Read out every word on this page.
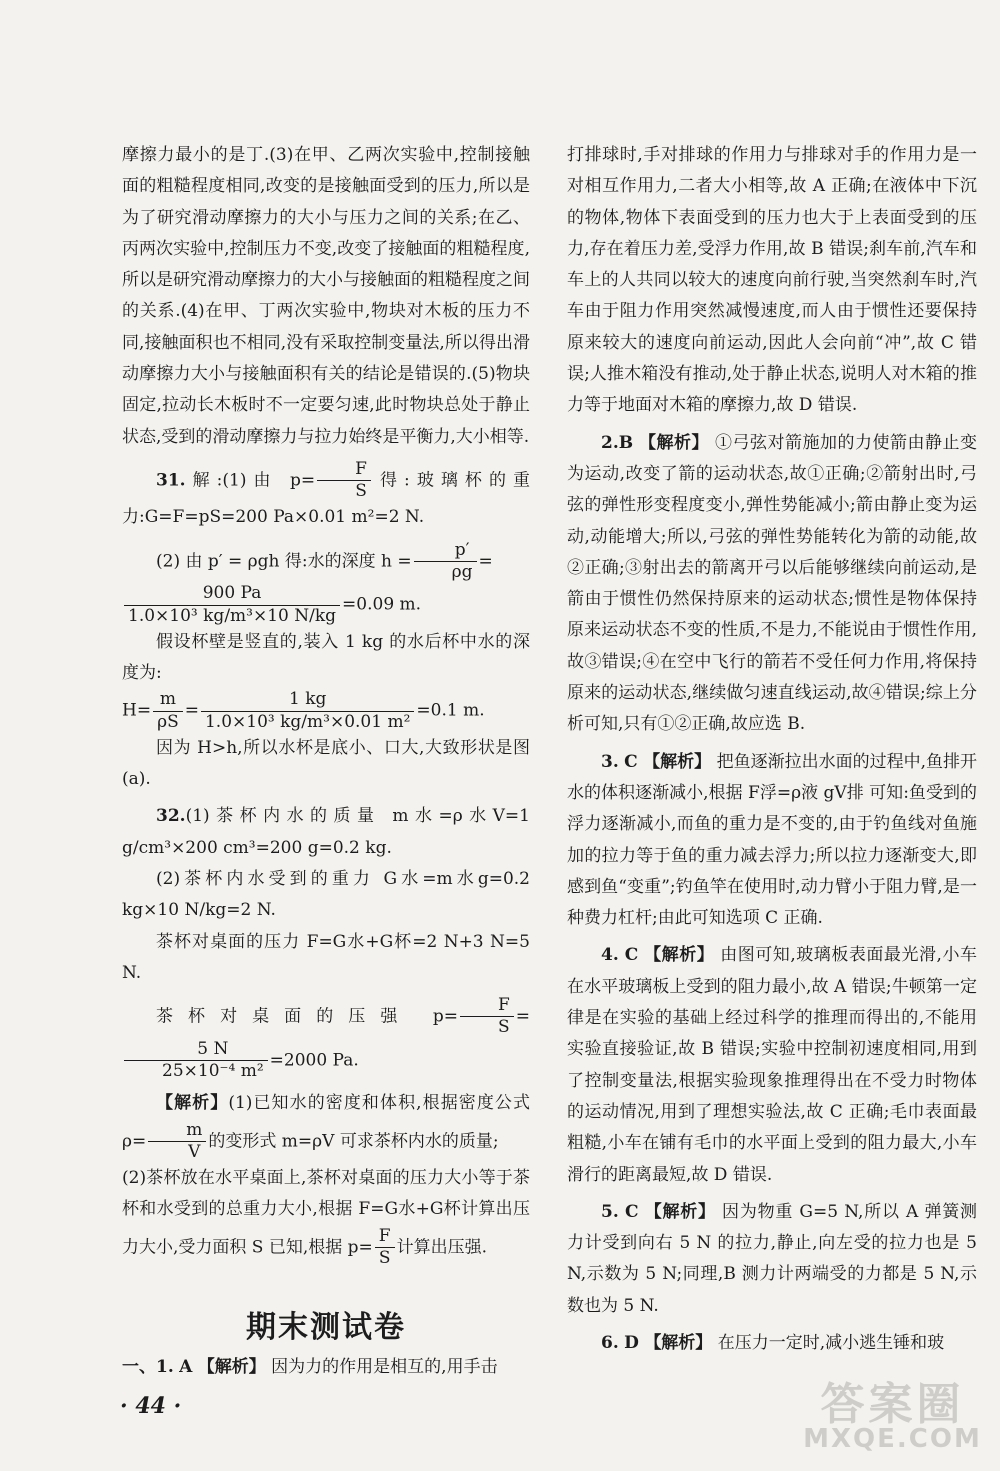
摩擦力最小的是丁.(3)在甲、乙两次实验中,控制接触面的粗糙程度相同,改变的是接触面受到的压力,所以是为了研究滑动摩擦力的大小与压力之间的关系;在乙、丙两次实验中,控制压力不变,改变了接触面的粗糙程度,所以是研究滑动摩擦力的大小与接触面的粗糙程度之间的关系.(4)在甲、丁两次实验中,物块对木板的压力不同,接触面积也不相同,没有采取控制变量法,所以得出滑动摩擦力大小与接触面积有关的结论是错误的.(5)物块固定,拉动长木板时不一定要匀速,此时物块总处于静止状态,受到的滑动摩擦力与拉力始终是平衡力,大小相等.

31.解:(1)由 $p= \frac{F}{S}$ 得:玻璃杯的重力:G=F=pS=200 Pa×0.01 m²=2 N.

(2) 由 p′ = ρgh 得:水的深度 $h = \frac{p'}{\rho g}$ =

$\frac{900 Pa}{\text{1.0×10³ kg/m³×10 N/kg}} =0.09$ m.

假设杯壁是竖直的,装入 1 kg 的水后杯中水的深度为:

$H= \frac{m}{\rho S} = \frac{1 kg}{\text{1.0×10³ kg/m³×0.01 m²}} =0.1$ m.

因为 H>h,所以水杯是底小、口大,大致形状是图(a).

32.(1)茶杯内水的质量 m水=ρ水V=1 g/cm³×200 cm³=200 g=0.2 kg.

(2)茶杯内水受到的重力 G水=m水g=0.2 kg×10 N/kg=2 N.

茶杯对桌面的压力 F=G水+G杯=2 N+3 N=5 N.

茶杯对桌面的压强 $p= \frac{F}{S}$ =
$\frac{5 N}{\text{25×10⁻⁴ m²}} =2000$ Pa.

【解析】(1)已知水的密度和体积,根据密度公式 $\rho= \frac{m}{V}$ 的变形式 m=ρV 可求茶杯内水的质量;

(2)茶杯放在水平桌面上,茶杯对桌面的压力大小等于茶杯和水受到的总重力大小,根据 F=G水+G杯计算出压力大小,受力面积 S 已知,根据 $p= \frac{F}{S}$ 计算出压强.

期末测试卷

一、1. A 【解析】 因为力的作用是相互的,用手击

打排球时,手对排球的作用力与排球对手的作用力是一对相互作用力,二者大小相等,故 A 正确;在液体中下沉的物体,物体下表面受到的压力也大于上表面受到的压力,存在着压力差,受浮力作用,故 B 错误;刹车前,汽车和车上的人共同以较大的速度向前行驶,当突然刹车时,汽车由于阻力作用突然减慢速度,而人由于惯性还要保持原来较大的速度向前运动,因此人会向前“冲”,故 C 错误;人推木箱没有推动,处于静止状态,说明人对木箱的推力等于地面对木箱的摩擦力,故 D 错误.

2.B 【解析】 ①弓弦对箭施加的力使箭由静止变为运动,改变了箭的运动状态,故①正确;②箭射出时,弓弦的弹性形变程度变小,弹性势能减小;箭由静止变为运动,动能增大;所以,弓弦的弹性势能转化为箭的动能,故②正确;③射出去的箭离开弓以后能够继续向前运动,是箭由于惯性仍然保持原来的运动状态;惯性是物体保持原来运动状态不变的性质,不是力,不能说由于惯性作用,故③错误;④在空中飞行的箭若不受任何力作用,将保持原来的运动状态,继续做匀速直线运动,故④错误;综上分析可知,只有①②正确,故应选 B.

3. C 【解析】 把鱼逐渐拉出水面的过程中,鱼排开水的体积逐渐减小,根据 F浮=ρ液 gV排 可知:鱼受到的浮力逐渐减小,而鱼的重力是不变的,由于钓鱼线对鱼施加的拉力等于鱼的重力减去浮力;所以拉力逐渐变大,即感到鱼“变重”;钓鱼竿在使用时,动力臂小于阻力臂,是一种费力杠杆;由此可知选项 C 正确.

4. C 【解析】 由图可知,玻璃板表面最光滑,小车在水平玻璃板上受到的阻力最小,故 A 错误;牛顿第一定律是在实验的基础上经过科学的推理而得出的,不能用实验直接验证,故 B 错误;实验中控制初速度相同,用到了控制变量法,根据实验现象推理得出在不受力时物体的运动情况,用到了理想实验法,故 C 正确;毛巾表面最粗糙,小车在铺有毛巾的水平面上受到的阻力最大,小车滑行的距离最短,故 D 错误.

5. C 【解析】 因为物重 G=5 N,所以 A 弹簧测力计受到向右 5 N 的拉力,静止,向左受的拉力也是 5 N,示数为 5 N;同理,B 测力计两端受的力都是 5 N,示数也为 5 N.

6. D 【解析】 在压力一定时,减小逃生锤和玻

· 44 ·	答案圈
MXQE.COM
